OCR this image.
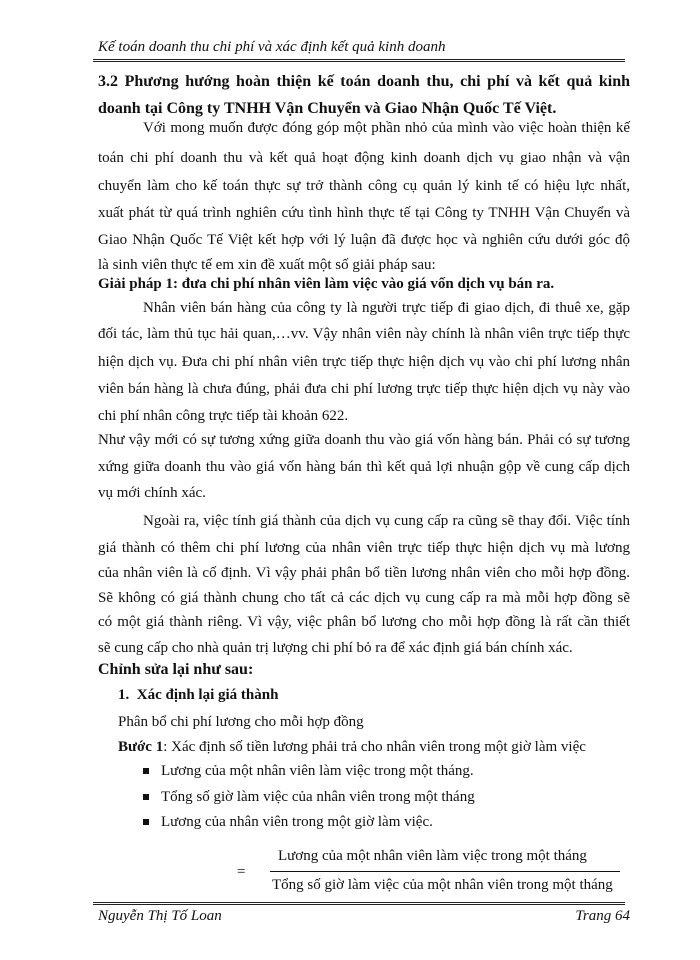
Kế toán doanh thu chi phí và xác định kết quả kinh doanh
3.2 Phương hướng hoàn thiện kế toán doanh thu, chi phí và kết quả kinh
doanh tại Công ty TNHH Vận Chuyển và Giao Nhận Quốc Tế Việt.
Với mong muốn được đóng góp một phần nhỏ của mình vào việc hoàn thiện kế
toán chi phí doanh thu và kết quả hoạt động kinh doanh dịch vụ giao nhận và vận
chuyển làm cho kế toán thực sự trở thành công cụ quản lý kinh tế có hiệu lực nhất,
xuất phát từ quá trình nghiên cứu tình hình thực tế tại Công ty TNHH Vận Chuyển và
Giao Nhận Quốc Tế Việt kết hợp với lý luận đã được học và nghiên cứu dưới góc độ
là sinh viên thực tế em xin đề xuất một số giải pháp sau:
Giải pháp 1: đưa chi phí nhân viên làm việc vào giá vốn dịch vụ bán ra.
Nhân viên bán hàng của công ty là người trực tiếp đi giao dịch, đi thuê xe, gặp
đối tác, làm thủ tục hải quan,…vv. Vậy nhân viên này chính là nhân viên trực tiếp thực
hiện dịch vụ. Đưa chi phí nhân viên trực tiếp thực hiện dịch vụ vào chi phí lương nhân
viên bán hàng là chưa đúng, phải đưa chi phí lương trực tiếp thực hiện dịch vụ này vào
chi phí nhân công trực tiếp tài khoản 622.
Như vậy mới có sự tương xứng giữa doanh thu vào giá vốn hàng bán. Phải có sự tương
xứng giữa doanh thu vào giá vốn hàng bán thì kết quả lợi nhuận gộp về cung cấp dịch
vụ mới chính xác.
Ngoài ra, việc tính giá thành của dịch vụ cung cấp ra cũng sẽ thay đổi. Việc tính
giá thành có thêm chi phí lương của nhân viên trực tiếp thực hiện dịch vụ mà lương
của nhân viên là cố định. Vì vậy phải phân bổ tiền lương nhân viên cho mỗi hợp đồng.
Sẽ không có giá thành chung cho tất cả các dịch vụ cung cấp ra mà mỗi hợp đồng sẽ
có một giá thành riêng. Vì vậy, việc phân bổ lương cho mỗi hợp đồng là rất cần thiết
sẽ cung cấp cho nhà quản trị lượng chi phí bỏ ra để xác định giá bán chính xác.
Chỉnh sửa lại như sau:
1. Xác định lại giá thành
Phân bổ chi phí lương cho mỗi hợp đồng
Bước 1: Xác định số tiền lương phải trả cho nhân viên trong một giờ làm việc
Lương của một nhân viên làm việc trong một tháng.
Tổng số giờ làm việc của nhân viên trong một tháng
Lương của nhân viên trong một giờ làm việc.
=
Lương của một nhân viên làm việc trong một tháng
Tổng số giờ làm việc của một nhân viên trong một tháng
Nguyễn Thị Tố Loan	Trang 64
